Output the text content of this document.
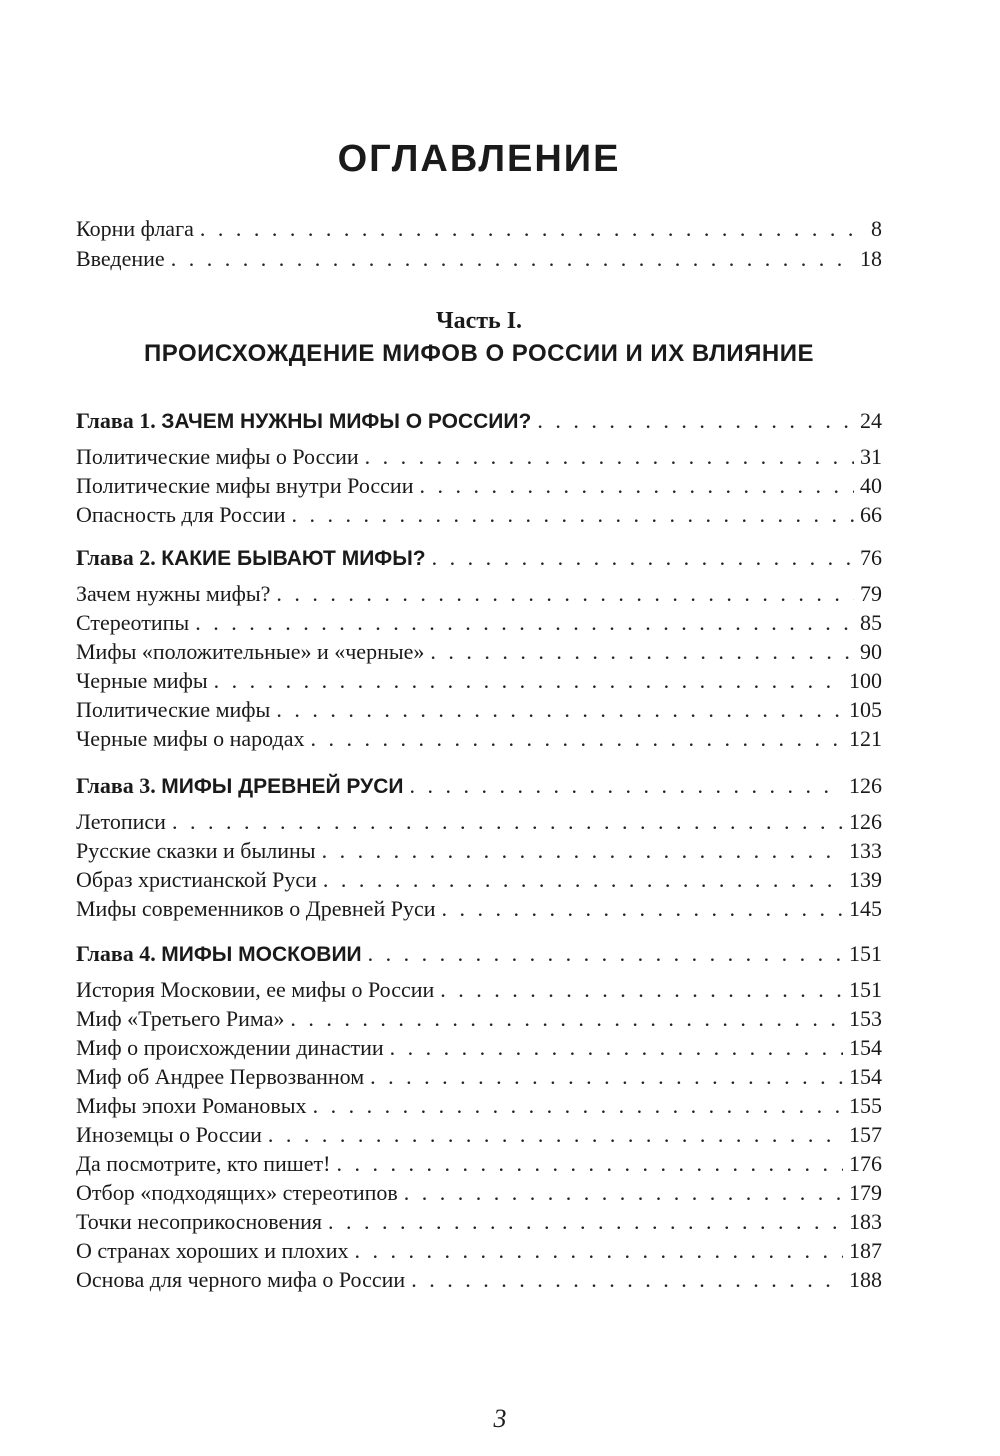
ОГЛАВЛЕНИЕ
Корни флага . . .	8
Введение . . .	18
Часть I.
ПРОИСХОЖДЕНИЕ МИФОВ О РОССИИ И ИХ ВЛИЯНИЕ
Глава 1. ЗАЧЕМ НУЖНЫ МИФЫ О РОССИИ? . . .	24
Политические мифы о России . . .	31
Политические мифы внутри России . . .	40
Опасность для России . . .	66
Глава 2. КАКИЕ БЫВАЮТ МИФЫ? . . .	76
Зачем нужны мифы? . . .	79
Стереотипы . . .	85
Мифы «положительные» и «черные» . . .	90
Черные мифы . . .	100
Политические мифы . . .	105
Черные мифы о народах . . .	121
Глава 3. МИФЫ ДРЕВНЕЙ РУСИ . . .	126
Летописи . . .	126
Русские сказки и былины . . .	133
Образ христианской Руси . . .	139
Мифы современников о Древней Руси . . .	145
Глава 4. МИФЫ МОСКОВИИ . . .	151
История Московии, ее мифы о России . . .	151
Миф «Третьего Рима» . . .	153
Миф о происхождении династии . . .	154
Миф об Андрее Первозванном . . .	154
Мифы эпохи Романовых . . .	155
Иноземцы о России . . .	157
Да посмотрите, кто пишет! . . .	176
Отбор «подходящих» стереотипов . . .	179
Точки несоприкосновения . . .	183
О странах хороших и плохих . . .	187
Основа для черного мифа о России . . .	188
3
